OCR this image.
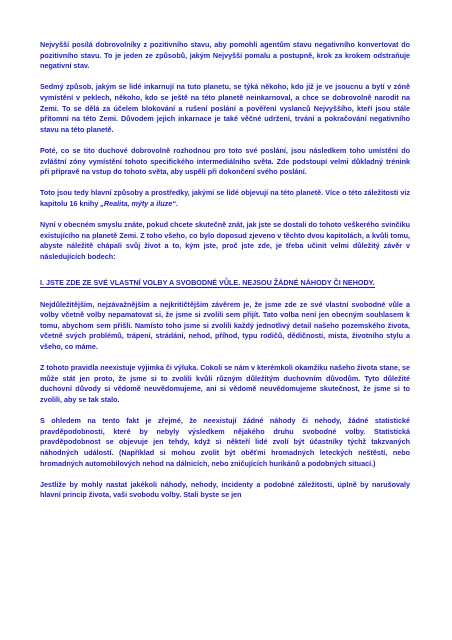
Nejvyšší posílá dobrovolníky z pozitivního stavu, aby pomohli agentům stavu negativního konvertovat do pozitivního stavu. To je jeden ze způsobů, jakým Nejvyšší pomalu a postupně, krok za krokem odstraňuje negativní stav.

Sedmý způsob, jakým se lidé inkarnují na tuto planetu, se týká někoho, kdo již je ve jsoucnu a bytí v zóně vymístění v peklech, někoho, kdo se ještě na této planetě neinkarnoval, a chce se dobrovolně narodit na Zemi. To se dělá za účelem blokování a rušení poslání a pověření vyslanců Nejvyššího, kteří jsou stále přítomni na této Zemi. Důvodem jejich inkarnace je také věčné udržení, trvání a pokračování negativního stavu na této planetě.

Poté, co se tito duchové dobrovolně rozhodnou pro toto své poslání, jsou následkem toho umístěni do zvláštní zóny vymístění tohoto specifického intermediálního světa. Zde podstoupí velmi důkladný trénink při přípravě na vstup do tohoto světa, aby uspěli při dokončení svého poslání.

Toto jsou tedy hlavní způsoby a prostředky, jakými se lidé objevují na této planetě. Více o této záležitosti viz kapitolu 16 knihy „Realita, mýty a iluze“.

Nyní v obecném smyslu znáte, pokud chcete skutečně znát, jak jste se dostali do tohoto veškerého svinčíku existujícího na planetě Zemi. Z toho všeho, co bylo doposud zjeveno v těchto dvou kapitolách, a kvůli tomu, abyste náležitě chápali svůj život a to, kým jste, proč jste zde, je třeba učinit velmi důležitý závěr v následujících bodech:

I. JSTE ZDE ZE SVÉ VLASTNÍ VOLBY A SVOBODNÉ VŮLE. NEJSOU ŽÁDNÉ NÁHODY ČI NEHODY.

Nejdůležitějším, nejzávažnějším a nejkritičtějším závěrem je, že jsme zde ze své vlastní svobodné vůle a volby včetně volby nepamatovat si, že jsme si zvolili sem přijít. Tato volba není jen obecným souhlasem k tomu, abychom sem přišli. Namísto toho jsme si zvolili každý jednotlivý detail našeho pozemského života, včetně svých problémů, trápení, strádání, nehod, příhod, typu rodičů, dědičnosti, mista, životního stylu a všeho, co máme.

Z tohoto pravidla neexistuje výjimka či výluka. Cokoli se nám v kterémkoli okamžiku našeho života stane, se může stát jen proto, že jsme si to zvolili kvůli různým důležitým duchovním důvodům. Tyto důležité duchovní důvody si vědomě neuvědomujeme, ani si vědomě neuvědomujeme skutečnost, že jsme si to zvolili, aby se tak stalo.

S ohledem na tento fakt je zřejmé, že neexistují žádné náhody či nehody, žádné statistické pravděpodobnosti, které by nebyly výsledkem nějakého druhu svobodné volby. Statistická pravděpodobnost se objevuje jen tehdy, když si někteří lidé zvolí být účastníky týchž takzvaných náhodných událostí. (Například si mohou zvolit být oběťmi hromadných leteckých neštěstí, nebo hromadných automobilových nehod na dálnicích, nebo zničujících hurikánů a podobných situací.)

Jestliže by mohly nastat jakékoli náhody, nehody, incidenty a podobné záležitosti, úplně by narušovaly hlavní princip života, vaši svobodu volby. Stali byste se jen
